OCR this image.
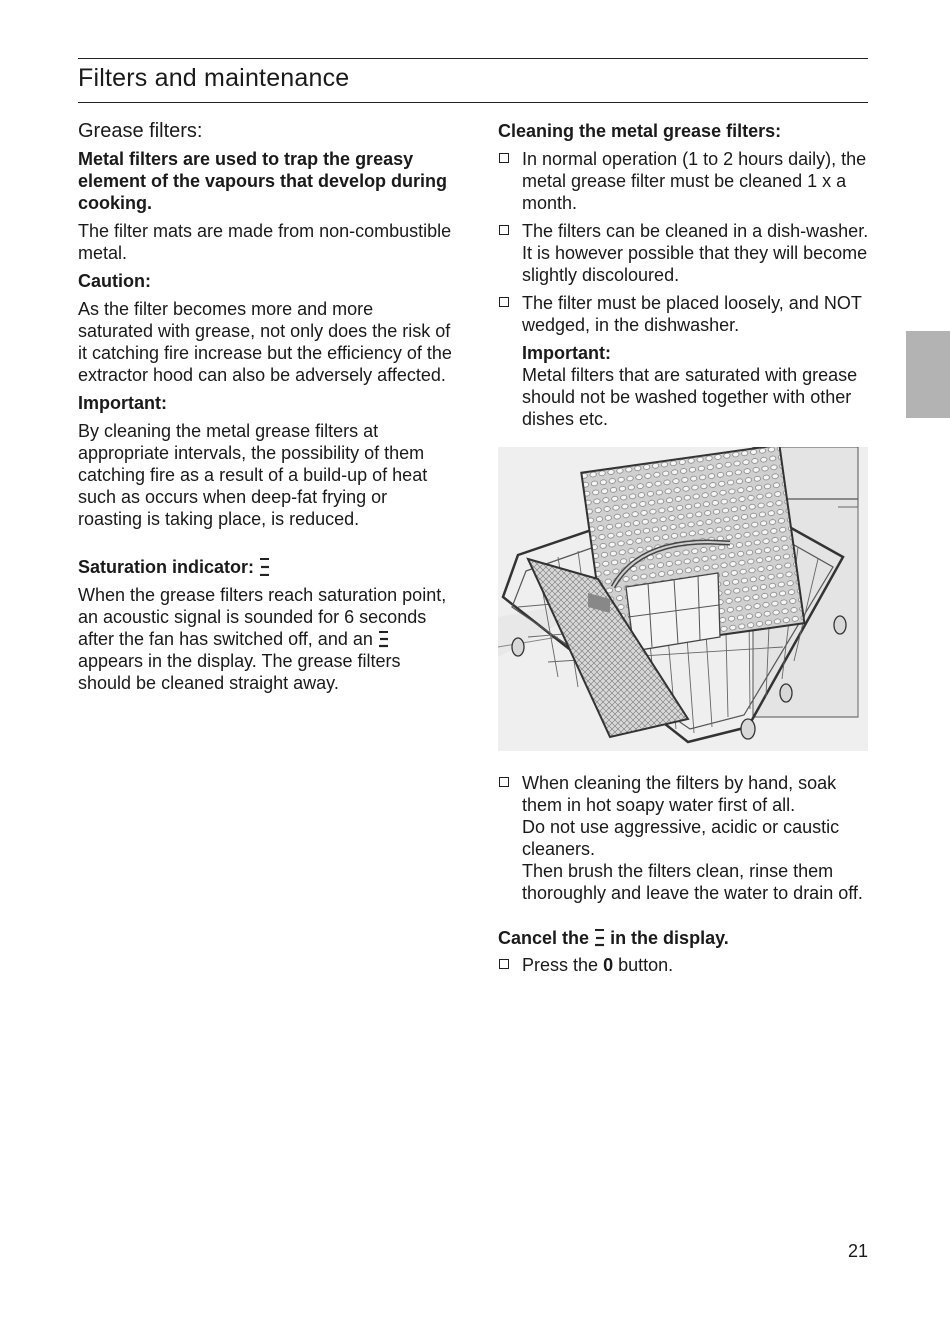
Filters and maintenance
Grease filters:

Metal filters are used to trap the greasy element of the vapours that develop during cooking.

The filter mats are made from non-combustible metal.

Caution:

As the filter becomes more and more saturated with grease, not only does the risk of it catching fire increase but the efficiency of the extractor hood can also be adversely affected.

Important:

By cleaning the metal grease filters at appropriate intervals, the possibility of them catching fire as a result of a build-up of heat such as occurs when deep-fat frying or roasting is taking place, is reduced.

Saturation indicator:

When the grease filters reach saturation point, an acoustic signal is sounded for 6 seconds after the fan has switched off, and an
appears in the display. The grease filters should be cleaned straight away.

Cleaning the metal grease filters:

In normal operation (1 to 2 hours daily), the metal grease filter must be cleaned 1 x a month.

The filters can be cleaned in a dish-washer. It is however possible that they will become slightly discoloured.

The filter must be placed loosely, and NOT wedged, in the dishwasher.

Important:

Metal filters that are saturated with grease should not be washed together with other dishes etc.

When cleaning the filters by hand, soak them in hot soapy water first of all.

Do not use aggressive, acidic or caustic cleaners.

Then brush the filters clean, rinse them thoroughly and leave the water to drain off.

Cancel the in the display.

Press the 0 button.

21
